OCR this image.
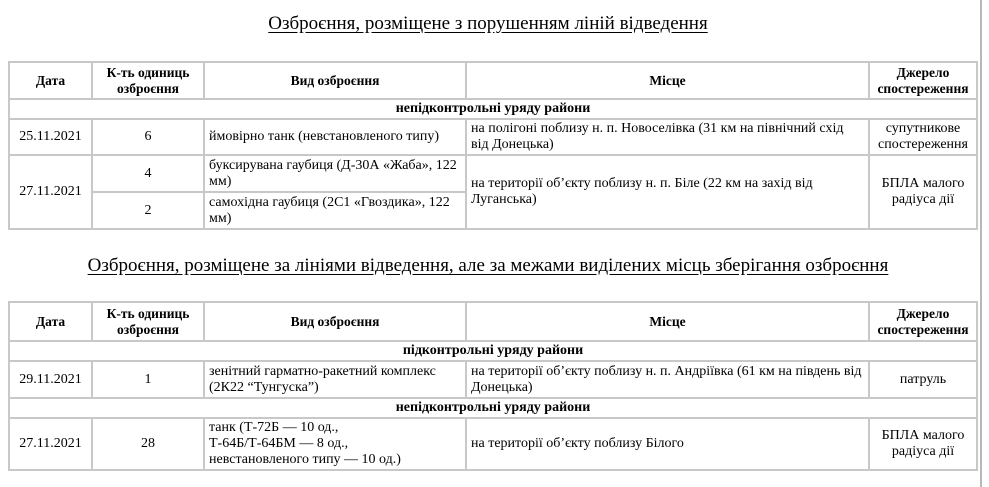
Озброєння, розміщене з порушенням ліній відведення
Дата	К-ть одиниць озброєння	Вид озброєння	Місце	Джерело спостереження
непідконтрольні уряду райони				
25.11.2021	6	ймовірно танк (невстановленого типу)	на полігоні поблизу н. п. Новоселівка (31 км на північний схід від Донецька)	супутникове спостереження
27.11.2021	4	буксирувана гаубиця (Д-30А «Жаба», 122 мм)	на території об’єкту поблизу н. п. Біле (22 км на захід від Луганська)	БПЛА малого радіуса дії
	2	самохідна гаубиця (2С1 «Гвоздика», 122 мм)		
Озброєння, розміщене за лініями відведення, але за межами виділених місць зберігання озброєння
Дата	К-ть одиниць озброєння	Вид озброєння	Місце	Джерело спостереження
підконтрольні уряду райони				
29.11.2021	1	зенітний гарматно-ракетний комплекс (2К22 “Тунгуска”)	на території об’єкту поблизу н. п. Андріївка (61 км на південь від Донецька)	патруль
непідконтрольні уряду райони				
27.11.2021	28	танк (Т-72Б — 10 од.,
Т-64Б/Т-64БМ — 8 од.,
невстановленого типу — 10 од.)	на території об’єкту поблизу Білого	БПЛА малого радіуса дії
